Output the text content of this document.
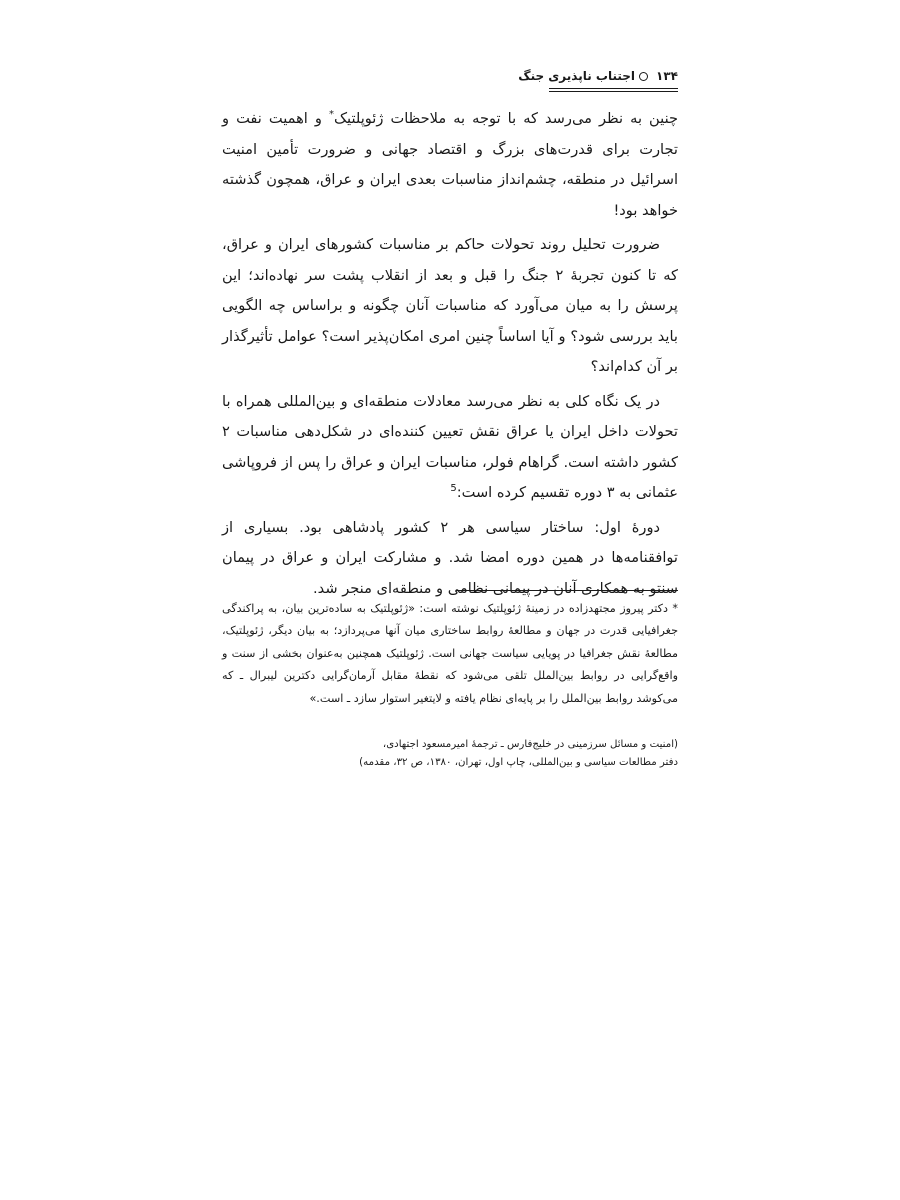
۱۳۴اجتناب ناپذیری جنگ

چنین به نظر می‌رسد که با توجه به ملاحظات ژئوپلتیک* و اهمیت نفت و تجارت برای قدرت‌های بزرگ و اقتصاد جهانی و ضرورت تأمین امنیت اسرائیل در منطقه، چشم‌انداز مناسبات بعدی ایران و عراق، همچون گذشته خواهد بود!

ضرورت تحلیل روند تحولات حاکم بر مناسبات کشورهای ایران و عراق، که تا کنون تجربهٔ ۲ جنگ را قبل و بعد از انقلاب پشت سر نهاده‌اند؛ این پرسش را به میان می‌آورد که مناسبات آنان چگونه و براساس چه الگویی باید بررسی شود؟ و آیا اساساً چنین امری امکان‌پذیر است؟ عوامل تأثیرگذار بر آن کدام‌اند؟

در یک نگاه کلی به نظر می‌رسد معادلات منطقه‌ای و بین‌المللی همراه با تحولات داخل ایران یا عراق نقش تعیین کننده‌ای در شکل‌دهی مناسبات ۲ کشور داشته است. گراهام فولر، مناسبات ایران و عراق را پس از فروپاشی عثمانی به ۳ دوره تقسیم کرده است:$^5$

دورهٔ اول: ساختار سیاسی هر ۲ کشور پادشاهی بود. بسیاری از توافقنامه‌ها در همین دوره امضا شد. و مشارکت ایران و عراق در پیمان سنتو به همکاری آنان در پیمانی نظامی و منطقه‌ای منجر شد.

* دکتر پیروز مجتهدزاده در زمینهٔ ژئوپلتیک نوشته است: «ژئوپلتیک به ساده‌ترین بیان، به پراکندگی جغرافیایی قدرت در جهان و مطالعهٔ روابط ساختاری میان آنها می‌پردازد؛ به بیان دیگر، ژئوپلتیک، مطالعهٔ نقش جغرافیا در پویایی سیاست جهانی است. ژئوپلتیک همچنین به‌عنوان بخشی از سنت و واقع‌گرایی در روابط بین‌الملل تلقی می‌شود که نقطهٔ مقابل آرمان‌گرایی دکترین لیبرال ـ که می‌کوشد روابط بین‌الملل را بر پایه‌ای نظام یافته و لایتغیر استوار سازد ـ است.»

(امنیت و مسائل سرزمینی در خلیج‌فارس ـ ترجمهٔ امیرمسعود اجتهادی،

دفتر مطالعات سیاسی و بین‌المللی، چاپ اول، تهران، ۱۳۸۰، ص ۳۲، مقدمه)
